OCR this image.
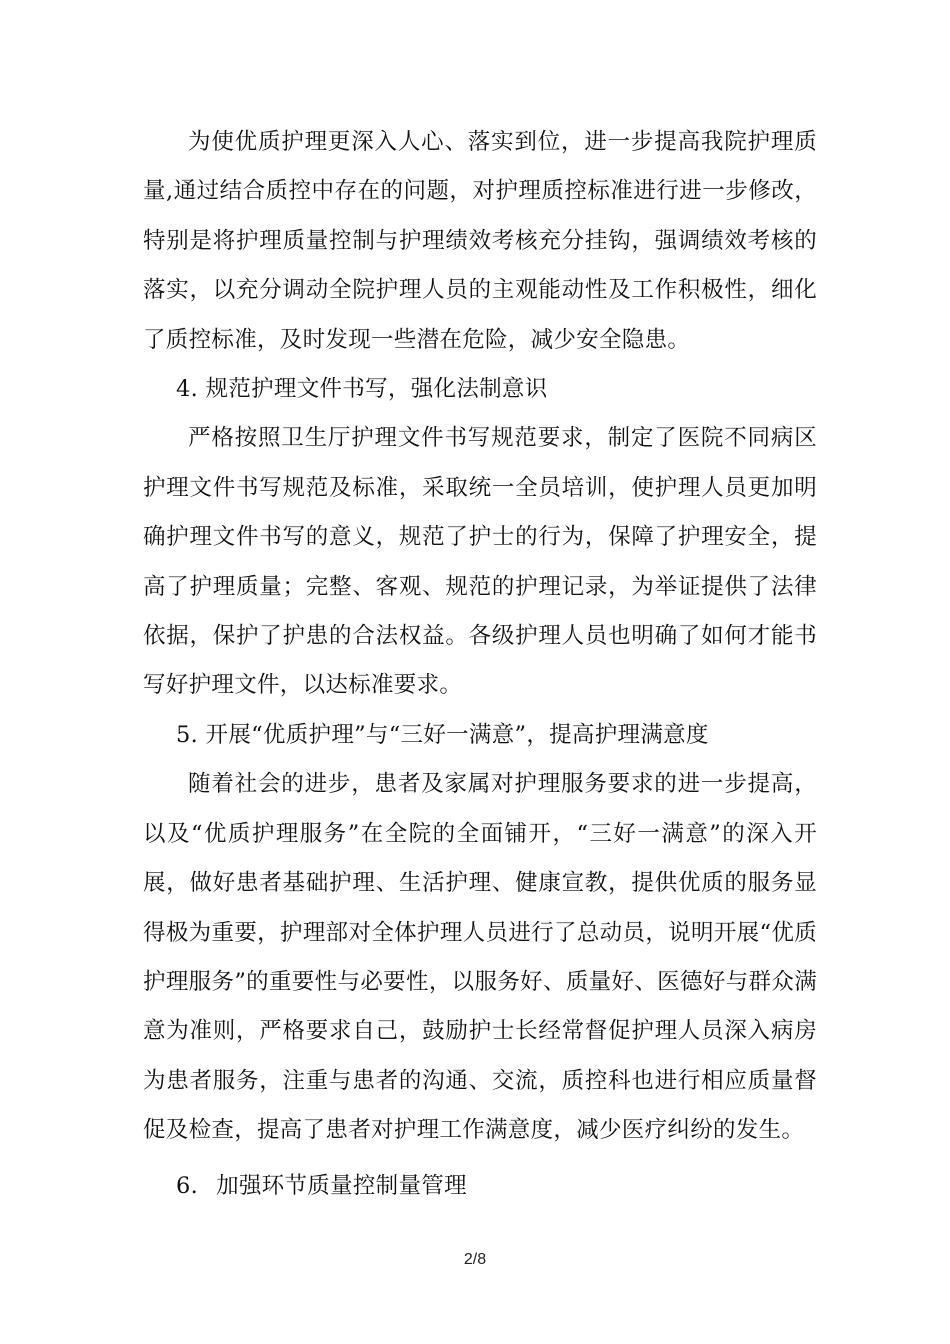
为使优质护理更深入人心、落实到位，进一步提高我院护理质量,通过结合质控中存在的问题，对护理质控标准进行进一步修改，特别是将护理质量控制与护理绩效考核充分挂钩，强调绩效考核的落实，以充分调动全院护理人员的主观能动性及工作积极性，细化了质控标准，及时发现一些潜在危险，减少安全隐患。

4. 规范护理文件书写，强化法制意识

严格按照卫生厅护理文件书写规范要求，制定了医院不同病区护理文件书写规范及标准，采取统一全员培训，使护理人员更加明确护理文件书写的意义，规范了护士的行为，保障了护理安全，提高了护理质量；完整、客观、规范的护理记录，为举证提供了法律依据，保护了护患的合法权益。各级护理人员也明确了如何才能书写好护理文件，以达标准要求。

5. 开展“优质护理”与“三好一满意”，提高护理满意度

随着社会的进步，患者及家属对护理服务要求的进一步提高，以及“优质护理服务”在全院的全面铺开，“三好一满意”的深入开展，做好患者基础护理、生活护理、健康宣教，提供优质的服务显得极为重要，护理部对全体护理人员进行了总动员，说明开展“优质护理服务”的重要性与必要性，以服务好、质量好、医德好与群众满意为准则，严格要求自己，鼓励护士长经常督促护理人员深入病房为患者服务，注重与患者的沟通、交流，质控科也进行相应质量督促及检查，提高了患者对护理工作满意度，减少医疗纠纷的发生。

6. 加强环节质量控制量管理

2/8
